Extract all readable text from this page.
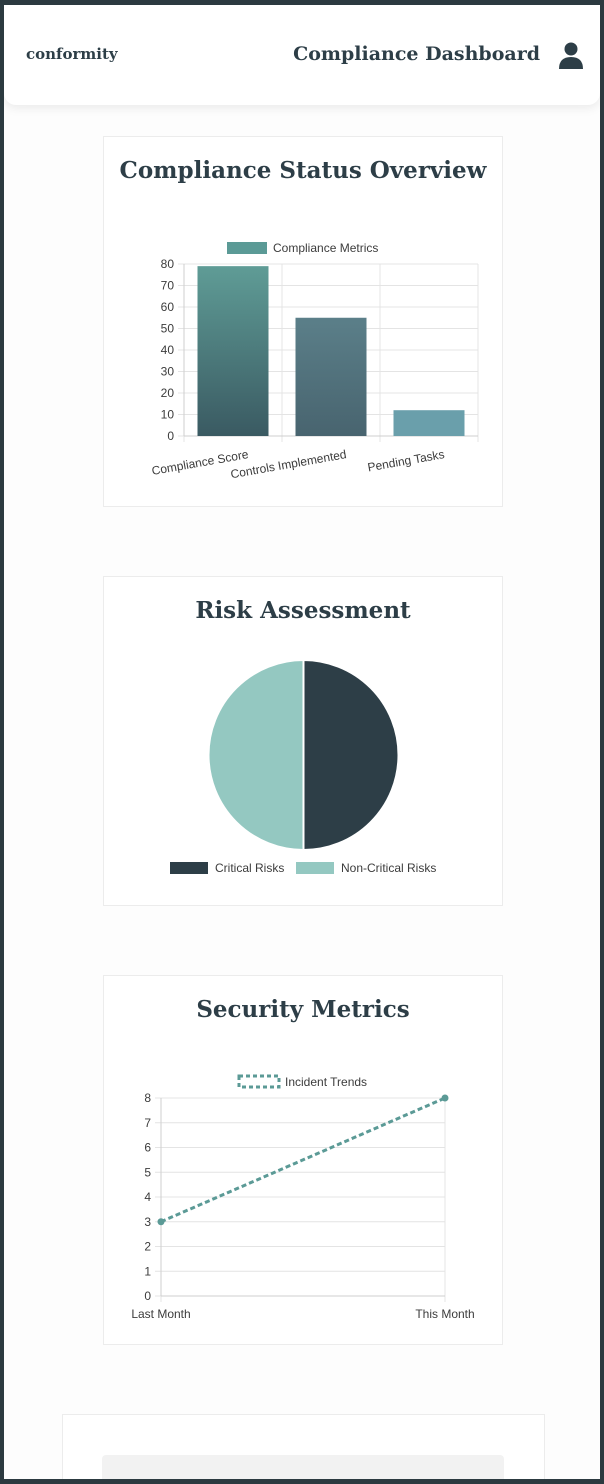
conformity	Compliance Dashboard
Compliance Status Overview
Compliance Metrics
0
10
20
30
40
50
60
70
80
Compliance Score
Controls Implemented Pending Tasks
Risk Assessment
Critical Risks	Non-Critical Risks
Security Metrics
Incident Trends
0
1
2
3
4
5
6
7
8
Last Month	This Month
